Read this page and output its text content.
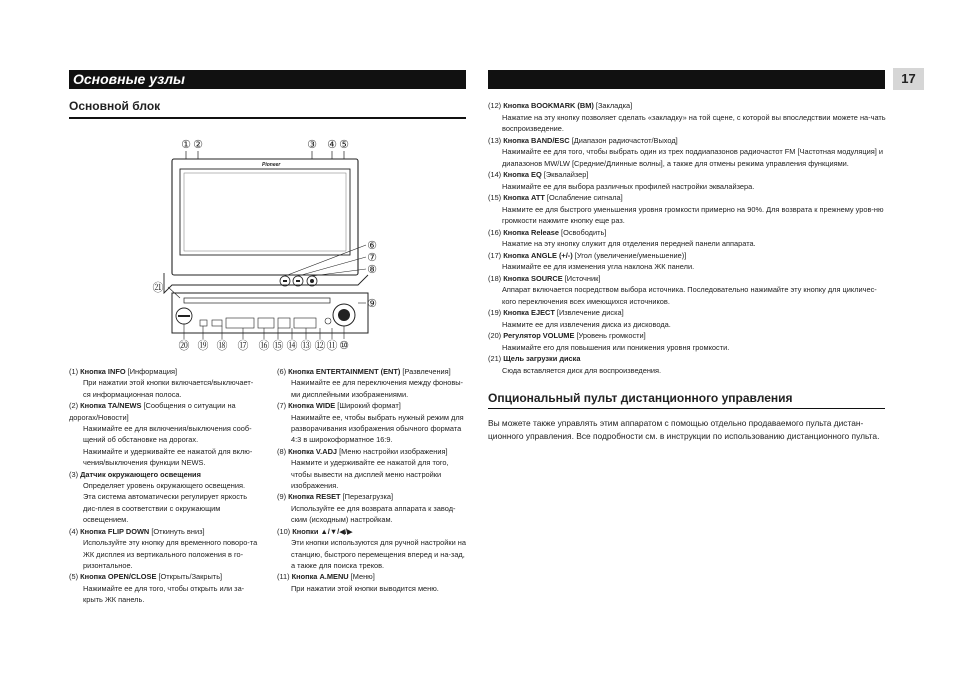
Основные узлы	17
Основной блок
Pioneer
① ②	③ ④ ⑤
⑥
⑦
⑧
⑨
㉑
⑳ ⑲ ⑱ ⑰ ⑯ ⑮ ⑭ ⑬ ⑫ ⑪ ⑩

(1) Кнопка INFO [Информация]

При нажатии этой кнопки включается/выключает-ся информационная полоса.

(2) Кнопка TA/NEWS [Сообщения о ситуации на дорогах/Новости]

Нажимайте ее для включения/выключения сооб-щений об обстановке на дорогах.

Нажимайте и удерживайте ее нажатой для вклю-чения/выключения функции NEWS.

(3) Датчик окружающего освещения

Определяет уровень окружающего освещения. Эта система автоматически регулирует яркость дис-плея в соответствии с окружающим освещением.

(4) Кнопка FLIP DOWN [Откинуть вниз]

Используйте эту кнопку для временного поворо-та ЖК дисплея из вертикального положения в го-ризонтальное.

(5) Кнопка OPEN/CLOSE [Открыть/Закрыть]

Нажимайте ее для того, чтобы открыть или за-крыть ЖК панель.

(6) Кнопка ENTERTAINMENT (ENT) [Развлечения]

Нажимайте ее для переключения между фоновы-ми дисплейными изображениями.

(7) Кнопка WIDE [Широкий формат]

Нажимайте ее, чтобы выбрать нужный режим для разворачивания изображения обычного формата 4:3 в широкоформатное 16:9.

(8) Кнопка V.ADJ [Меню настройки изображения]

Нажмите и удерживайте ее нажатой для того, чтобы вывести на дисплей меню настройки изображения.

(9) Кнопка RESET [Перезагрузка]

Используйте ее для возврата аппарата к завод-ским (исходным) настройкам.

(10) Кнопки ▲/▼/◀/▶

Эти кнопки используются для ручной настройки на станцию, быстрого перемещения вперед и на-зад, а также для поиска треков.

(11) Кнопка A.MENU [Меню]

При нажатии этой кнопки выводится меню.

(12) Кнопка BOOKMARK (BM) [Закладка]

Нажатие на эту кнопку позволяет сделать «закладку» на той сцене, с которой вы впоследствии можете на-чать воспроизведение.

(13) Кнопка BAND/ESC [Диапазон радиочастот/Выход]

Нажимайте ее для того, чтобы выбрать один из трех поддиапазонов радиочастот FM [Частотная модуляция] и диапазонов MW/LW [Средние/Длинные волны], а также для отмены режима управления функциями.

(14) Кнопка EQ [Эквалайзер]

Нажимайте ее для выбора различных профилей настройки эквалайзера.

(15) Кнопка ATT [Ослабление сигнала]

Нажмите ее для быстрого уменьшения уровня громкости примерно на 90%. Для возврата к прежнему уров-ню громкости нажмите кнопку еще раз.

(16) Кнопка Release [Освободить]

Нажатие на эту кнопку служит для отделения передней панели аппарата.

(17) Кнопка ANGLE (+/-) [Угол (увеличение/уменьшение)]

Нажимайте ее для изменения угла наклона ЖК панели.

(18) Кнопка SOURCE [Источник]

Аппарат включается посредством выбора источника. Последовательно нажимайте эту кнопку для цикличес-кого переключения всех имеющихся источников.

(19) Кнопка EJECT [Извлечение диска]

Нажмите ее для извлечения диска из дисковода.

(20) Регулятор VOLUME [Уровень громкости]

Нажимайте его для повышения или понижения уровня громкости.

(21) Щель загрузки диска

Сюда вставляется диск для воспроизведения.

Опциональный пульт дистанционного управления
Вы можете также управлять этим аппаратом с помощью отдельно продаваемого пульта дистан-ционного управления. Все подробности см. в инструкции по использованию дистанционного пульта.
